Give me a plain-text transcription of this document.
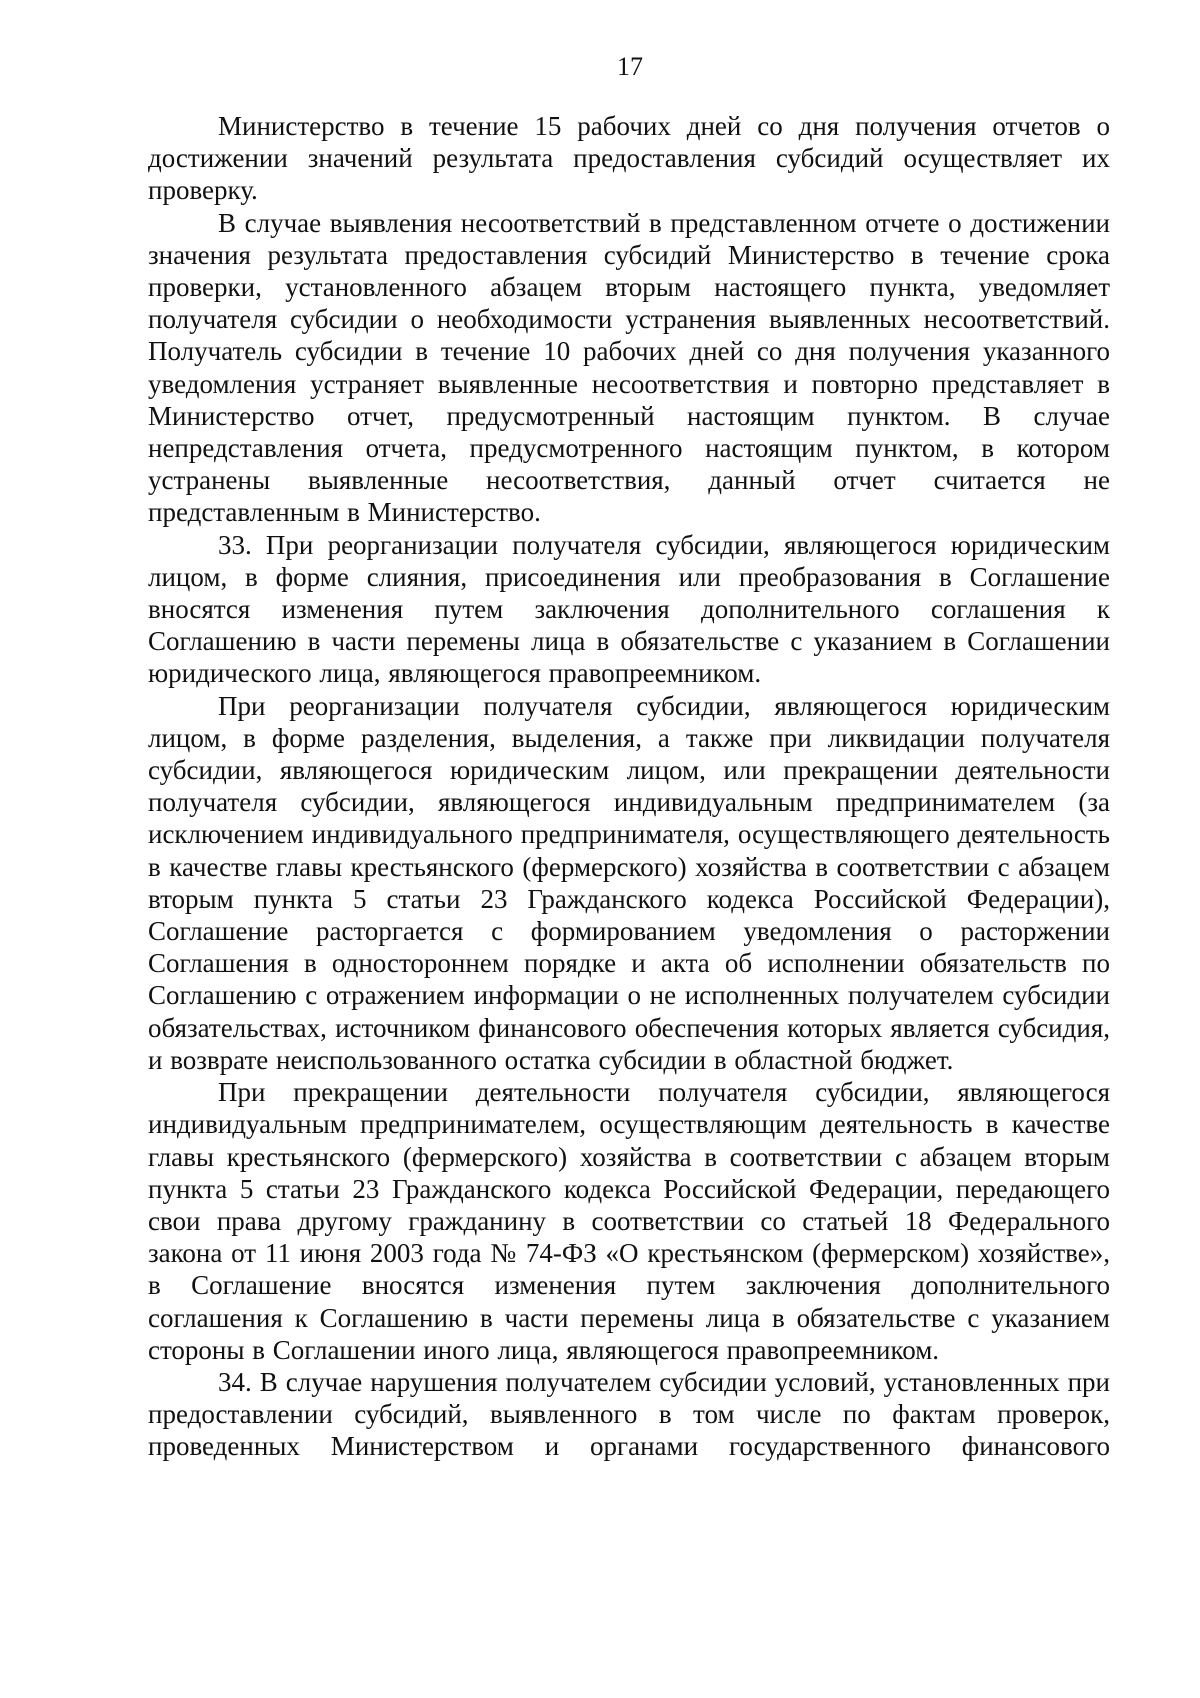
17

Министерство в течение 15 рабочих дней со дня получения отчетов о достижении значений результата предоставления субсидий осуществляет их проверку.

В случае выявления несоответствий в представленном отчете о достижении значения результата предоставления субсидий Министерство в течение срока проверки, установленного абзацем вторым настоящего пункта, уведомляет получателя субсидии о необходимости устранения выявленных несоответствий. Получатель субсидии в течение 10 рабочих дней со дня получения указанного уведомления устраняет выявленные несоответствия и повторно представляет в Министерство отчет, предусмотренный настоящим пунктом. В случае непредставления отчета, предусмотренного настоящим пунктом, в котором устранены выявленные несоответствия, данный отчет считается не представленным в Министерство.

33. При реорганизации получателя субсидии, являющегося юридическим лицом, в форме слияния, присоединения или преобразования в Соглашение вносятся изменения путем заключения дополнительного соглашения к Соглашению в части перемены лица в обязательстве с указанием в Соглашении юридического лица, являющегося правопреемником.

При реорганизации получателя субсидии, являющегося юридическим лицом, в форме разделения, выделения, а также при ликвидации получателя субсидии, являющегося юридическим лицом, или прекращении деятельности получателя субсидии, являющегося индивидуальным предпринимателем (за исключением индивидуального предпринимателя, осуществляющего деятельность в качестве главы крестьянского (фермерского) хозяйства в соответствии с абзацем вторым пункта 5 статьи 23 Гражданского кодекса Российской Федерации), Соглашение расторгается с формированием уведомления о расторжении Соглашения в одностороннем порядке и акта об исполнении обязательств по Соглашению с отражением информации о не исполненных получателем субсидии обязательствах, источником финансового обеспечения которых является субсидия, и возврате неиспользованного остатка субсидии в областной бюджет.

При прекращении деятельности получателя субсидии, являющегося индивидуальным предпринимателем, осуществляющим деятельность в качестве главы крестьянского (фермерского) хозяйства в соответствии с абзацем вторым пункта 5 статьи 23 Гражданского кодекса Российской Федерации, передающего свои права другому гражданину в соответствии со статьей 18 Федерального закона от 11 июня 2003 года № 74-ФЗ «О крестьянском (фермерском) хозяйстве», в Соглашение вносятся изменения путем заключения дополнительного соглашения к Соглашению в части перемены лица в обязательстве с указанием стороны в Соглашении иного лица, являющегося правопреемником.

34. В случае нарушения получателем субсидии условий, установленных при предоставлении субсидий, выявленного в том числе по фактам проверок, проведенных Министерством и органами государственного финансового
